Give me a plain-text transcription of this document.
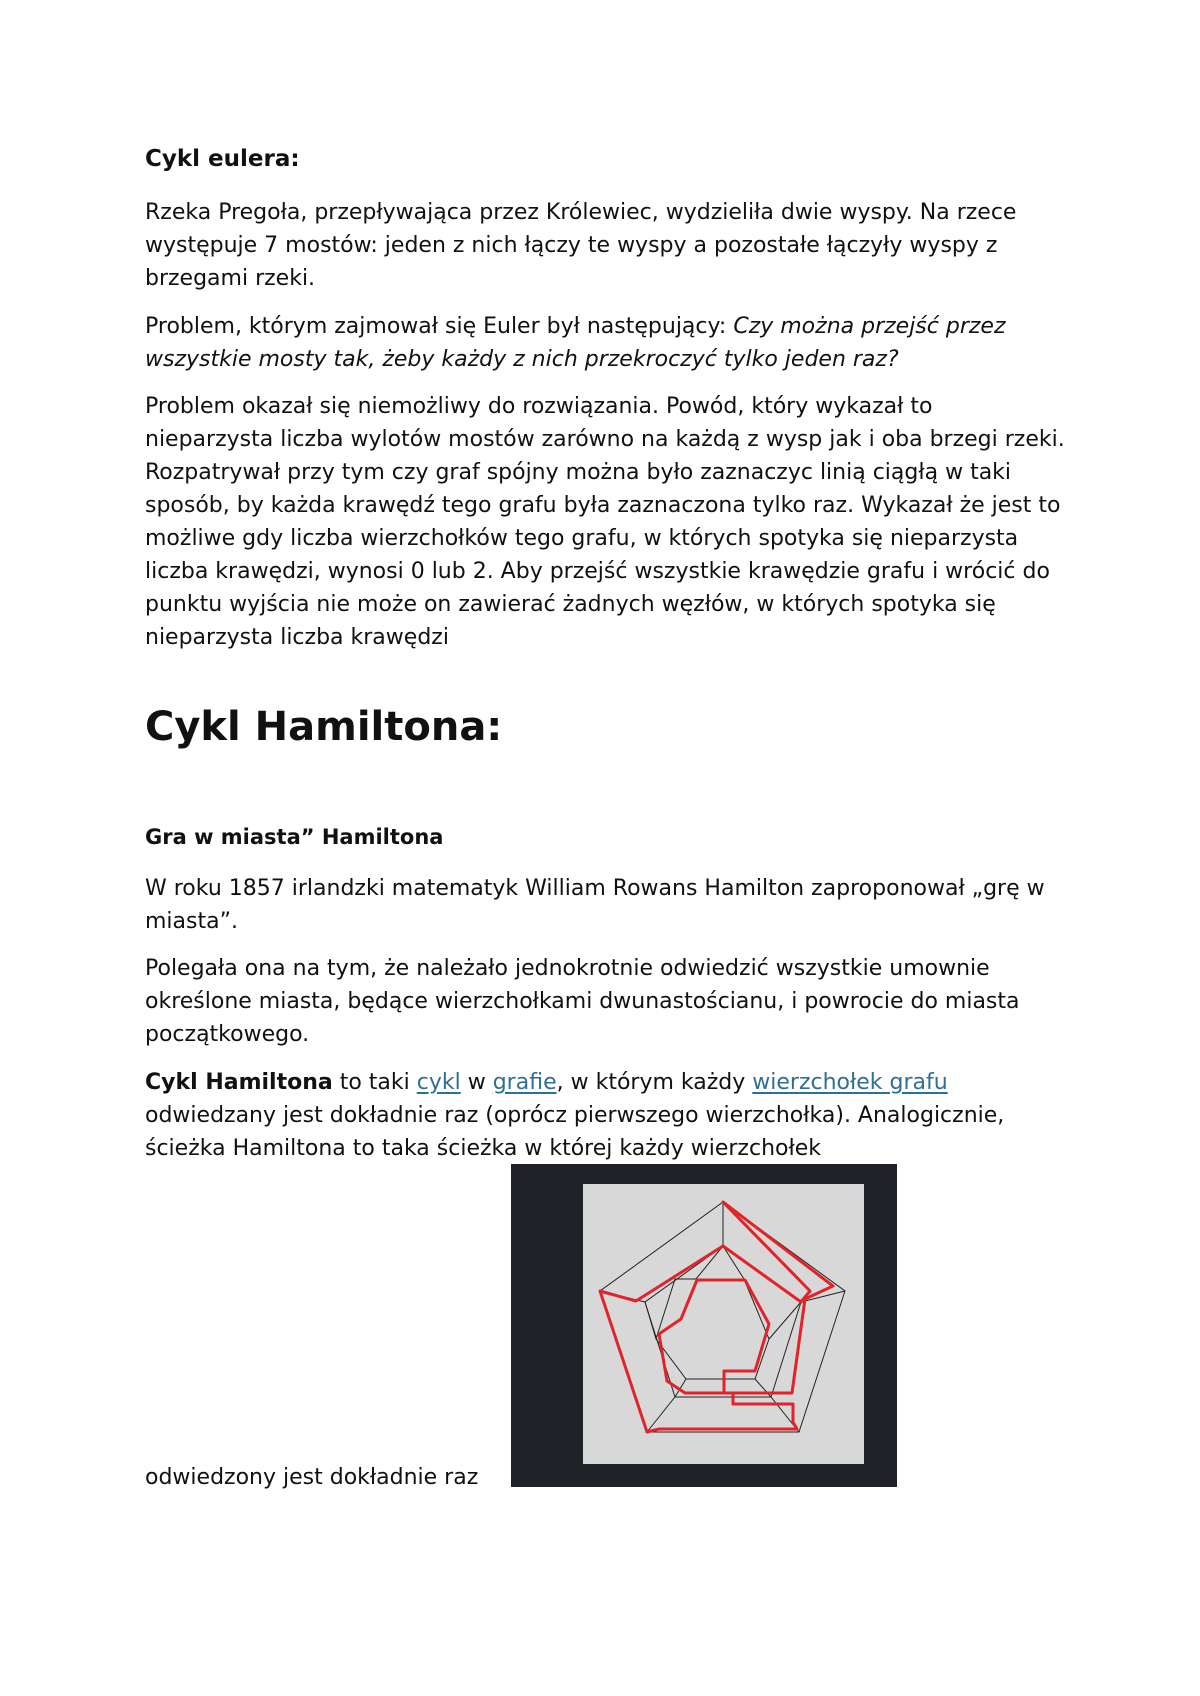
Cykl eulera:

Rzeka Pregoła, przepływająca przez Królewiec, wydzieliła dwie wyspy. Na rzece występuje 7 mostów: jeden z nich łączy te wyspy a pozostałe łączyły wyspy z brzegami rzeki.

Problem, którym zajmował się Euler był następujący: Czy można przejść przez wszystkie mosty tak, żeby każdy z nich przekroczyć tylko jeden raz?

Problem okazał się niemożliwy do rozwiązania. Powód, który wykazał to nieparzysta liczba wylotów mostów zarówno na każdą z wysp jak i oba brzegi rzeki. Rozpatrywał przy tym czy graf spójny można było zaznaczyc linią ciągłą w taki sposób, by każda krawędź tego grafu była zaznaczona tylko raz. Wykazał że jest to możliwe gdy liczba wierzchołków tego grafu, w których spotyka się nieparzysta liczba krawędzi, wynosi 0 lub 2. Aby przejść wszystkie krawędzie grafu i wrócić do punktu wyjścia nie może on zawierać żadnych węzłów, w których spotyka się nieparzysta liczba krawędzi

Cykl Hamiltona:
Gra w miasta” Hamiltona

W roku 1857 irlandzki matematyk William Rowans Hamilton zaproponował „grę w miasta”.

Polegała ona na tym, że należało jednokrotnie odwiedzić wszystkie umownie określone miasta, będące wierzchołkami dwunastościanu, i powrocie do miasta początkowego.

Cykl Hamiltona to taki cykl w grafie, w którym każdy wierzchołek grafu odwiedzany jest dokładnie raz (oprócz pierwszego wierzchołka). Analogicznie, ścieżka Hamiltona to taka ścieżka w której każdy wierzchołek

odwiedzony jest dokładnie raz
